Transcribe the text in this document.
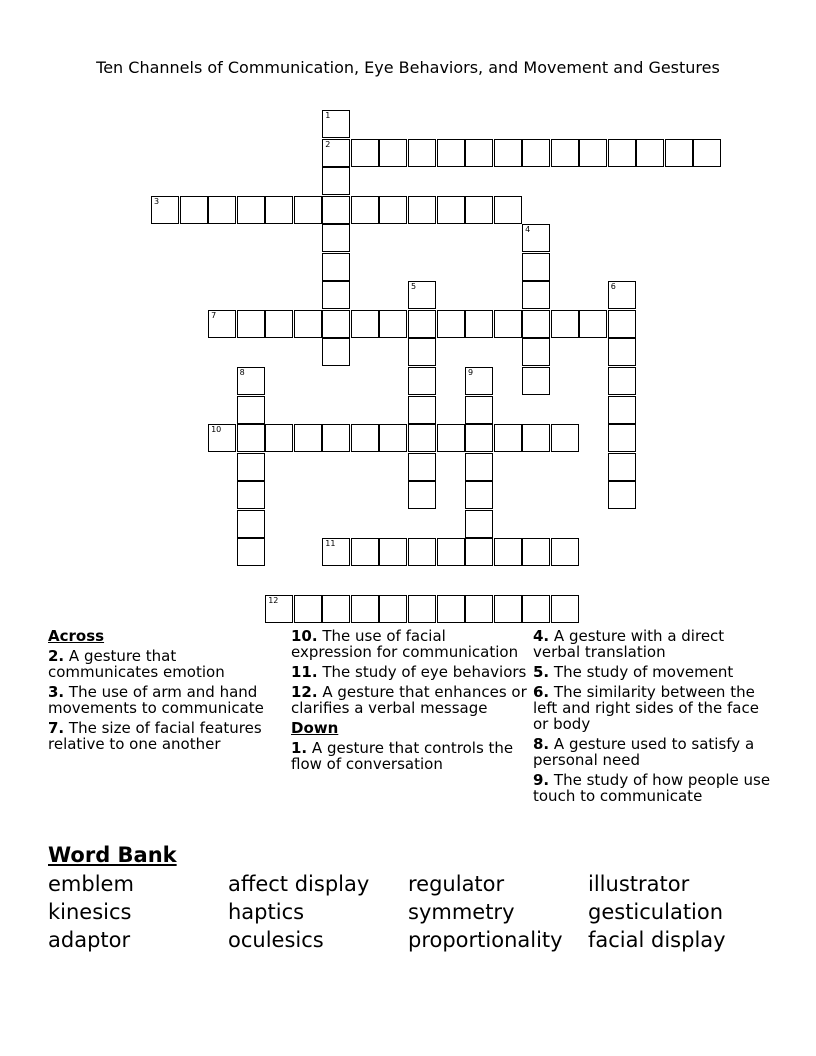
Ten Channels of Communication, Eye Behaviors, and Movement and Gestures
2
3
7
10
11
12
1
4
5	6
8	9
Across
2. A gesture that communicates emotion
3. The use of arm and hand movements to communicate
7. The size of facial features relative to one another
10. The use of facial expression for communication
11. The study of eye behaviors
12. A gesture that enhances or clarifies a verbal message
Down
1. A gesture that controls the flow of conversation
4. A gesture with a direct verbal translation
5. The study of movement
6. The similarity between the left and right sides of the face or body
8. A gesture used to satisfy a personal need
9. The study of how people use touch to communicate
Word Bank
emblem	affect display	regulator	illustrator
kinesics	haptics	symmetry	gesticulation
adaptor	oculesics	proportionality	facial display
